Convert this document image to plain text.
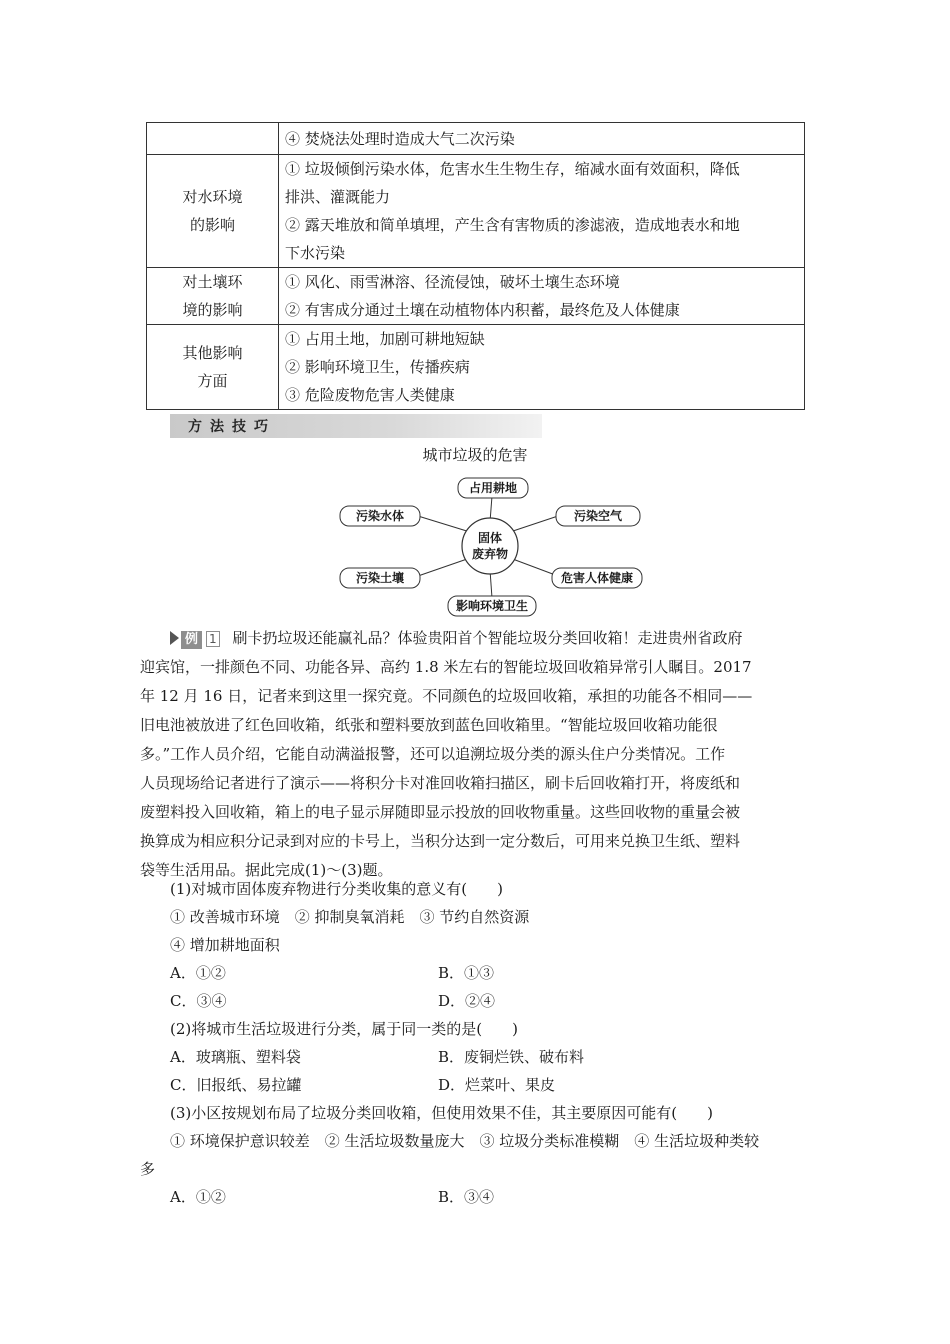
	④ 焚烧法处理时造成大气二次污染

对水环境
的影响	① 垃圾倾倒污染水体，危害水生生物生存，缩减水面有效面积，降低
排洪、灌溉能力
② 露天堆放和简单填埋，产生含有害物质的渗滤液，造成地表水和地
下水污染

对土壤环
境的影响	① 风化、雨雪淋溶、径流侵蚀，破坏土壤生态环境
② 有害成分通过土壤在动植物体内积蓄，最终危及人体健康

其他影响
方面	① 占用土地，加剧可耕地短缺
② 影响环境卫生，传播疾病
③ 危险废物危害人类健康
方法技巧
城市垃圾的危害
固体
废弃物
占用耕地
污染空气
危害人体健康
影响环境卫生
污染土壤
污染水体
例 1 刷卡扔垃圾还能赢礼品？体验贵阳首个智能垃圾分类回收箱！走进贵州省政府
迎宾馆，一排颜色不同、功能各异、高约 1.8 米左右的智能垃圾回收箱异常引人瞩目。2017
年 12 月 16 日，记者来到这里一探究竟。不同颜色的垃圾回收箱，承担的功能各不相同——
旧电池被放进了红色回收箱，纸张和塑料要放到蓝色回收箱里。“智能垃圾回收箱功能很
多。”工作人员介绍，它能自动满溢报警，还可以追溯垃圾分类的源头住户分类情况。工作
人员现场给记者进行了演示——将积分卡对准回收箱扫描区，刷卡后回收箱打开，将废纸和
废塑料投入回收箱，箱上的电子显示屏随即显示投放的回收物重量。这些回收物的重量会被
换算成为相应积分记录到对应的卡号上，当积分达到一定分数后，可用来兑换卫生纸、塑料
袋等生活用品。据此完成(1)～(3)题。
(1)对城市固体废弃物进行分类收集的意义有(　　)
① 改善城市环境　② 抑制臭氧消耗　③ 节约自然资源
④ 增加耕地面积
A．①②	B．①③
C．③④	D．②④
(2)将城市生活垃圾进行分类，属于同一类的是(　　)
A．玻璃瓶、塑料袋	B．废铜烂铁、破布料
C．旧报纸、易拉罐	D．烂菜叶、果皮
(3)小区按规划布局了垃圾分类回收箱，但使用效果不佳，其主要原因可能有(　　)
① 环境保护意识较差　② 生活垃圾数量庞大　③ 垃圾分类标准模糊　④ 生活垃圾种类较
多
A．①②	B．③④
